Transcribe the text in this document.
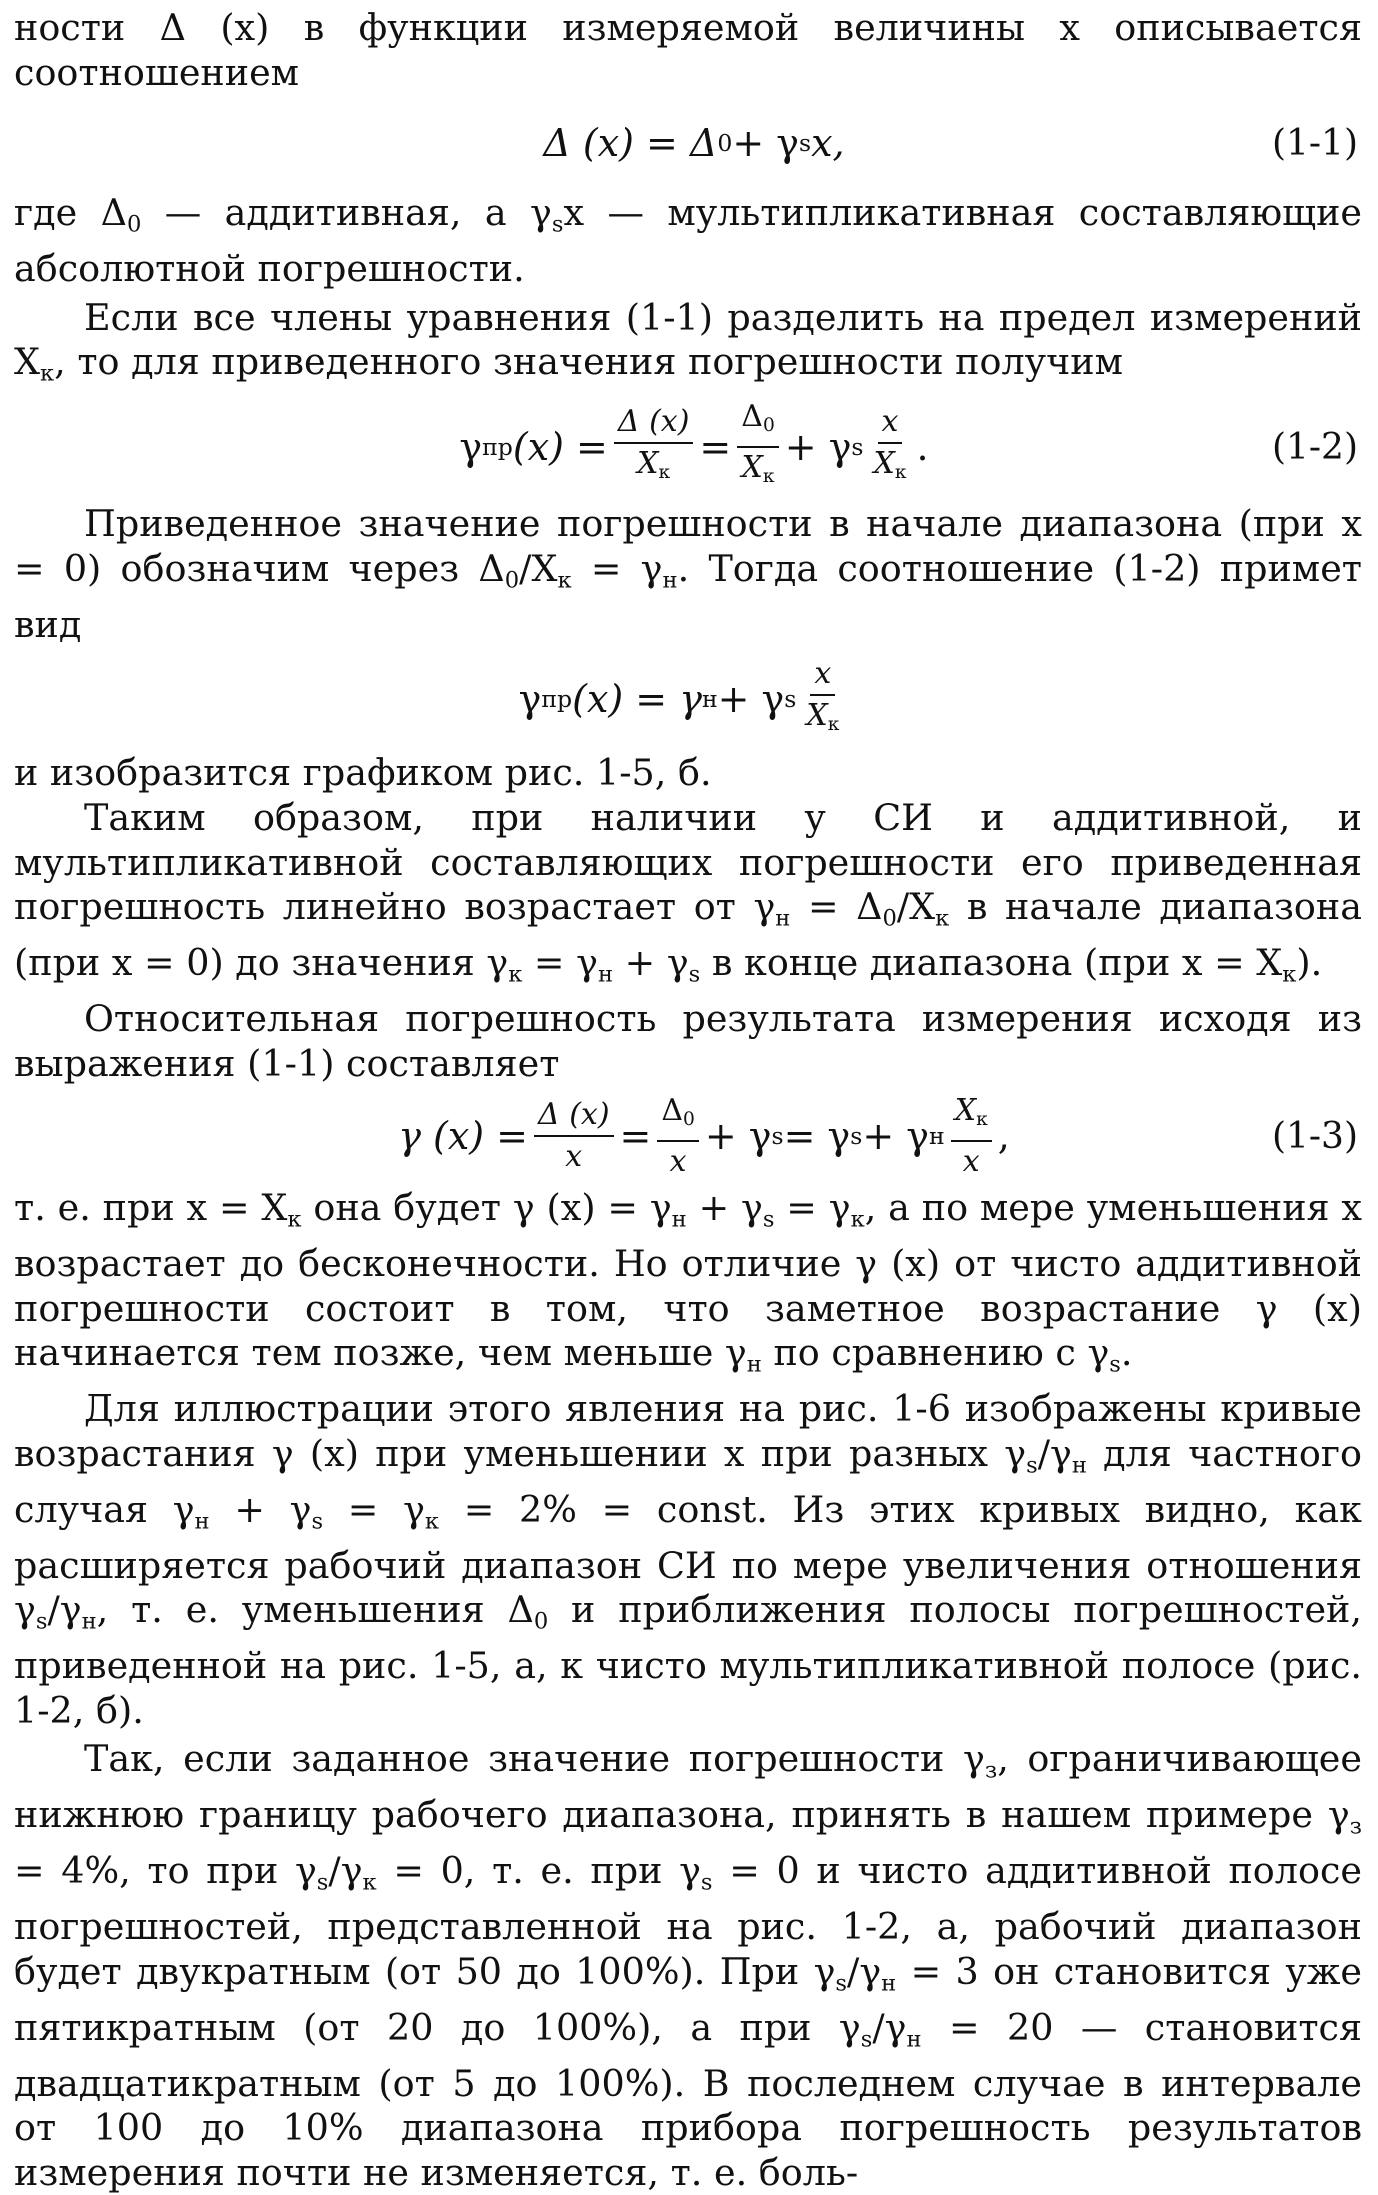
ности Δ (x) в функции измеряемой величины x описывается соотношением

Δ (x) = Δ 0 + γ s x,	(1-1)

где $\Delta_0$ — аддитивная, а $\gamma_sx$ — мультипликативная составляющие абсолютной погрешности.

Если все члены уравнения (1-1) разделить на предел измерений $X_к$, то для приведенного значения погрешности получим

γ пр $(x) = \frac{\Delta (x)}{X_к} = \frac{\Delta_0}{X_к} + \gamma$ s $\frac{x}{X_к}$ .	(1-2)

Приведенное значение погрешности в начале диапазона (при x = 0) обозначим через $\Delta_0/X_к = \gamma_н$. Тогда соотношение (1-2) примет вид

γ пр (x) = γ н + γ s $\frac{x}{X_к}$

и изобразится графиком рис. 1-5, б.

Таким образом, при наличии у СИ и аддитивной, и мультипликативной составляющих погрешности его приведенная погрешность линейно возрастает от $\gamma_н = \Delta_0/X_к$ в начале диапазона (при x = 0) до значения $\gamma_к = \gamma_н + \gamma_s$ в конце диапазона (при $x = X_к$).

Относительная погрешность результата измерения исходя из выражения (1-1) составляет

γ $(x) = \frac{\Delta (x)}{x} = \frac{\Delta_0}{x} + \gamma$ s = γ s + γ н $\frac{X_к}{x}$ ,	(1-3)

т. е. при $x = X_к$ она будет γ $(x) = \gamma_н + \gamma_s = \gamma_к$, а по мере уменьшения x возрастает до бесконечности. Но отличие γ (x) от чисто аддитивной погрешности состоит в том, что заметное возрастание γ (x) начинается тем позже, чем меньше $\gamma_н$ по сравнению с $\gamma_s$.

Для иллюстрации этого явления на рис. 1-6 изображены кривые возрастания γ (x) при уменьшении x при разных $\gamma_s/\gamma_н$ для частного случая $\gamma_н + \gamma_s = \gamma_к = 2\%$ = const. Из этих кривых видно, как расширяется рабочий диапазон СИ по мере увеличения отношения $\gamma_s/\gamma_н$, т. е. уменьшения $\Delta_0$ и приближения полосы погрешностей, приведенной на рис. 1-5, а, к чисто мультипликативной полосе (рис. 1-2, б).

Так, если заданное значение погрешности $\gamma_з$, ограничивающее нижнюю границу рабочего диапазона, принять в нашем примере $\gamma_з = 4\%$, то при $\gamma_s/\gamma_к = 0$, т. е. при $\gamma_s = 0$ и чисто аддитивной полосе погрешностей, представленной на рис. 1-2, а, рабочий диапазон будет двукратным (от 50 до 100%). При $\gamma_s/\gamma_н = 3$ он становится уже пятикратным (от 20 до 100%), а при $\gamma_s/\gamma_н = 20$ — становится двадцатикратным (от 5 до 100%). В последнем случае в интервале от 100 до 10% диапазона прибора погрешность результатов измерения почти не изменяется, т. е. боль-
